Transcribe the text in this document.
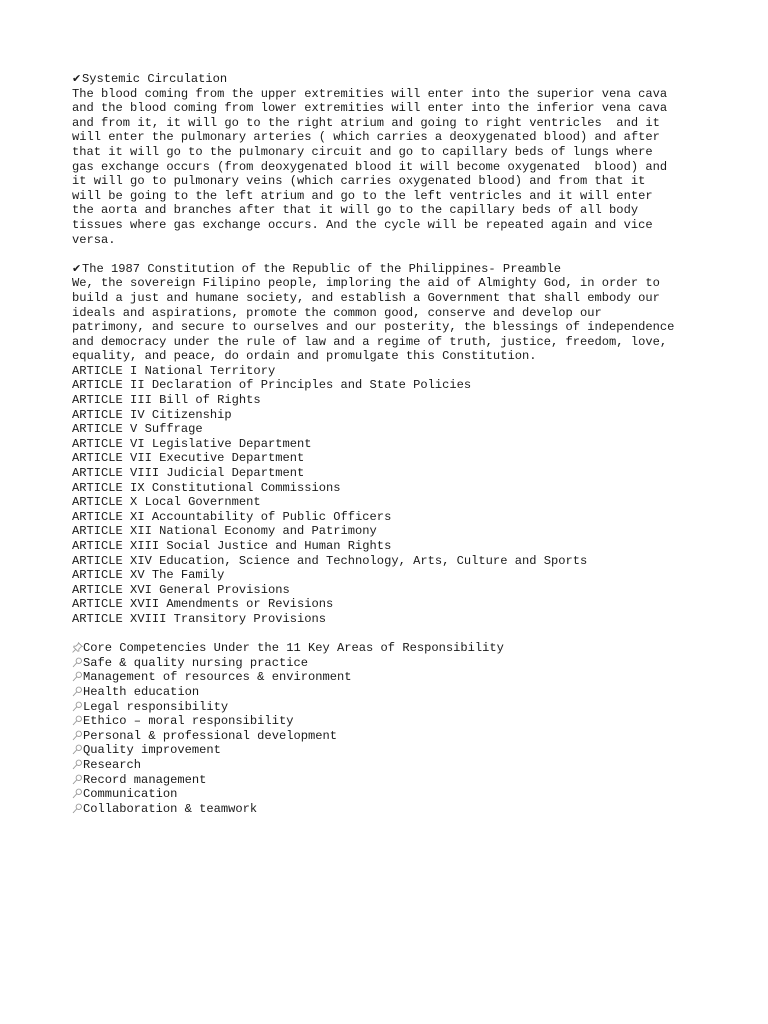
✔Systemic Circulation
The blood coming from the upper extremities will enter into the superior vena cava
and the blood coming from lower extremities will enter into the inferior vena cava
and from it, it will go to the right atrium and going to right ventricles  and it
will enter the pulmonary arteries ( which carries a deoxygenated blood) and after
that it will go to the pulmonary circuit and go to capillary beds of lungs where
gas exchange occurs (from deoxygenated blood it will become oxygenated  blood) and
it will go to pulmonary veins (which carries oxygenated blood) and from that it
will be going to the left atrium and go to the left ventricles and it will enter
the aorta and branches after that it will go to the capillary beds of all body
tissues where gas exchange occurs. And the cycle will be repeated again and vice
versa.
✔The 1987 Constitution of the Republic of the Philippines- Preamble
We, the sovereign Filipino people, imploring the aid of Almighty God, in order to
build a just and humane society, and establish a Government that shall embody our
ideals and aspirations, promote the common good, conserve and develop our
patrimony, and secure to ourselves and our posterity, the blessings of independence
and democracy under the rule of law and a regime of truth, justice, freedom, love,
equality, and peace, do ordain and promulgate this Constitution.
ARTICLE I National Territory
ARTICLE II Declaration of Principles and State Policies
ARTICLE III Bill of Rights
ARTICLE IV Citizenship
ARTICLE V Suffrage
ARTICLE VI Legislative Department
ARTICLE VII Executive Department
ARTICLE VIII Judicial Department
ARTICLE IX Constitutional Commissions
ARTICLE X Local Government
ARTICLE XI Accountability of Public Officers
ARTICLE XII National Economy and Patrimony
ARTICLE XIII Social Justice and Human Rights
ARTICLE XIV Education, Science and Technology, Arts, Culture and Sports
ARTICLE XV The Family
ARTICLE XVI General Provisions
ARTICLE XVII Amendments or Revisions
ARTICLE XVIII Transitory Provisions
Core Competencies Under the 11 Key Areas of Responsibility
Safe & quality nursing practice
Management of resources & environment
Health education
Legal responsibility
Ethico – moral responsibility
Personal & professional development
Quality improvement
Research
Record management
Communication
Collaboration & teamwork
